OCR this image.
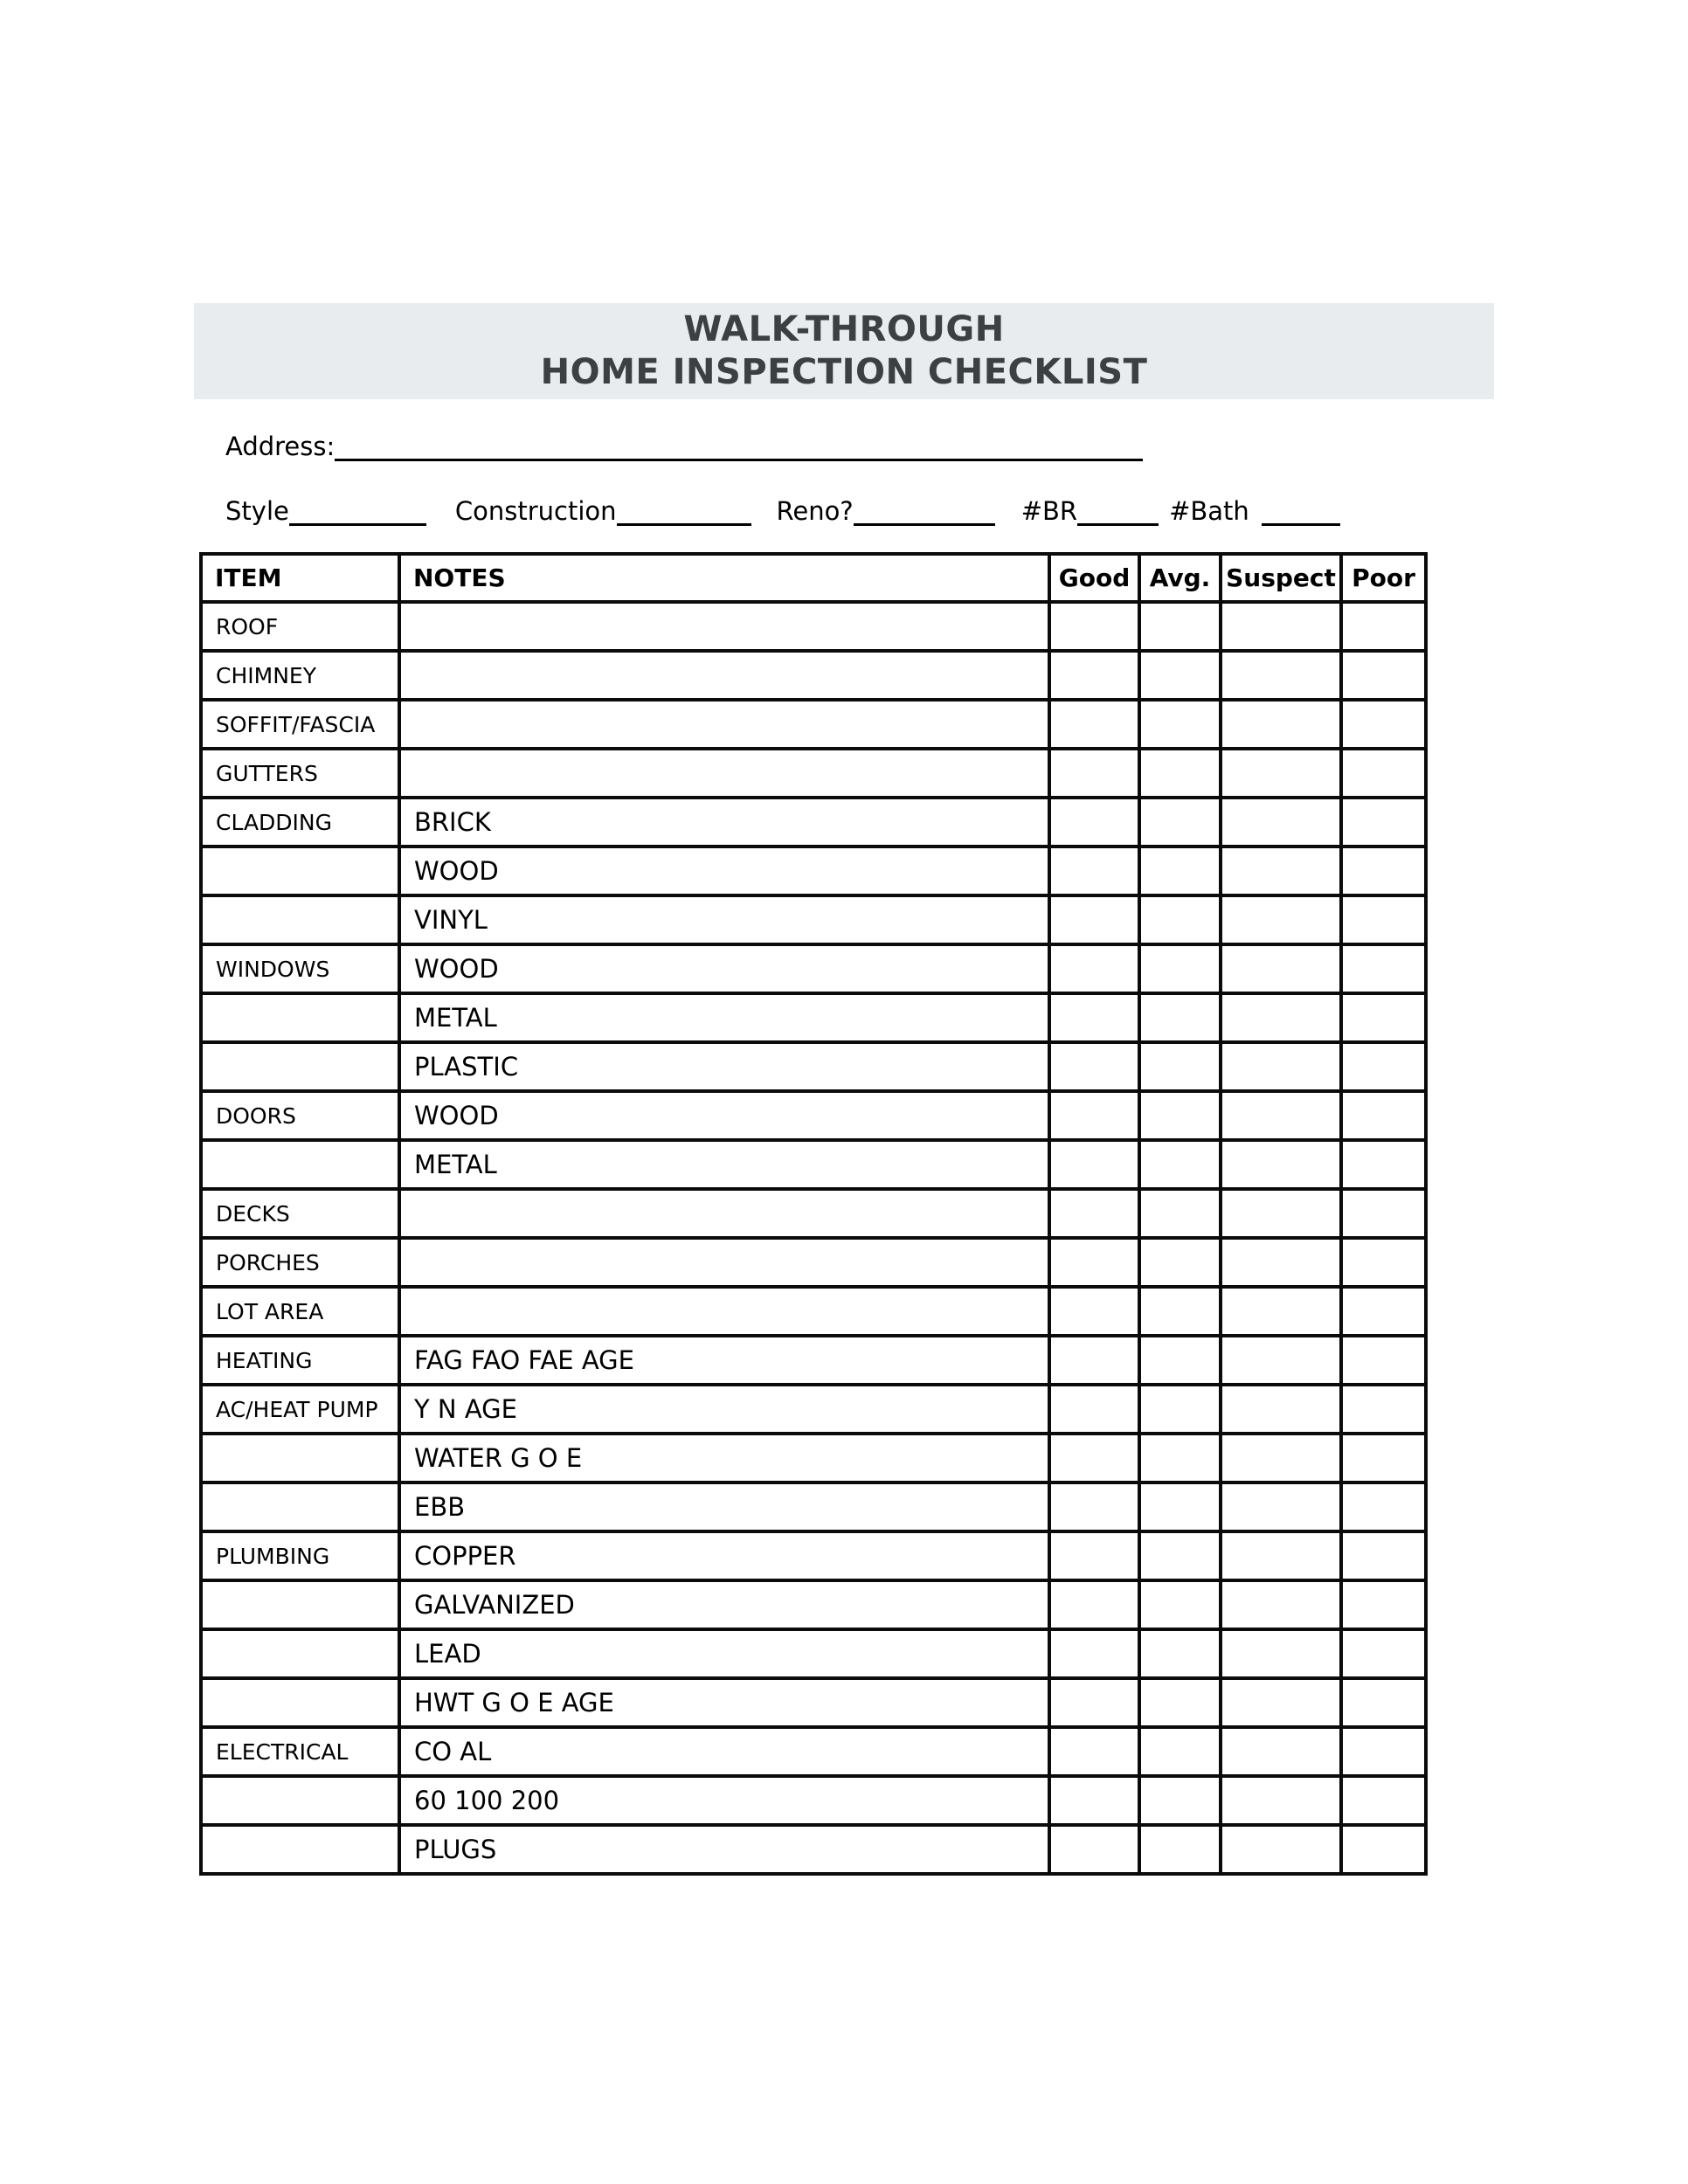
WALK-THROUGH
HOME INSPECTION CHECKLIST
Address:
Style	Construction	Reno?	#BR	#Bath
ITEM	NOTES	Good	Avg.	Suspect	Poor
ROOF					
CHIMNEY					
SOFFIT/FASCIA					
GUTTERS					
CLADDING	BRICK				
	WOOD				
	VINYL				
WINDOWS	WOOD				
	METAL				
	PLASTIC				
DOORS	WOOD				
	METAL				
DECKS					
PORCHES					
LOT AREA					
HEATING	FAG FAO FAE AGE				
AC/HEAT PUMP	Y N AGE				
	WATER G O E				
	EBB				
PLUMBING	COPPER				
	GALVANIZED				
	LEAD				
	HWT G O E AGE				
ELECTRICAL	CO AL				
	60 100 200				
	PLUGS				
